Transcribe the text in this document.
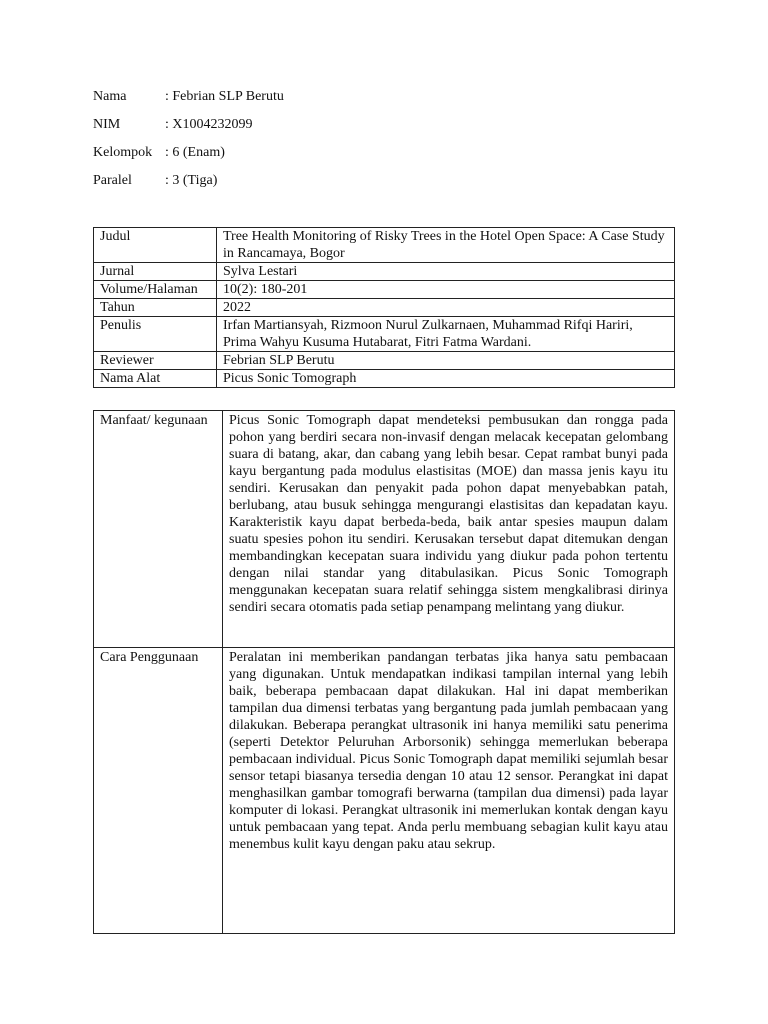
Nama	: Febrian SLP Berutu
NIM	: X1004232099
Kelompok : 6 (Enam)
Paralel	: 3 (Tiga)
Judul	Tree Health Monitoring of Risky Trees in the Hotel Open Space: A Case Study in Rancamaya, Bogor
Jurnal	Sylva Lestari
Volume/Halaman	10(2): 180-201
Tahun	2022
Penulis	Irfan Martiansyah, Rizmoon Nurul Zulkarnaen, Muhammad Rifqi Hariri, Prima Wahyu Kusuma Hutabarat, Fitri Fatma Wardani.
Reviewer	Febrian SLP Berutu
Nama Alat	Picus Sonic Tomograph
Manfaat/ kegunaan	Picus Sonic Tomograph dapat mendeteksi pembusukan dan rongga pada pohon yang berdiri secara non-invasif dengan melacak kecepatan gelombang suara di batang, akar, dan cabang yang lebih besar. Cepat rambat bunyi pada kayu bergantung pada modulus elastisitas (MOE) dan massa jenis kayu itu sendiri. Kerusakan dan penyakit pada pohon dapat menyebabkan patah, berlubang, atau busuk sehingga mengurangi elastisitas dan kepadatan kayu. Karakteristik kayu dapat berbeda-beda, baik antar spesies maupun dalam suatu spesies pohon itu sendiri. Kerusakan tersebut dapat ditemukan dengan membandingkan kecepatan suara individu yang diukur pada pohon tertentu dengan nilai standar yang ditabulasikan. Picus Sonic Tomograph menggunakan kecepatan suara relatif sehingga sistem mengkalibrasi dirinya sendiri secara otomatis pada setiap penampang melintang yang diukur.
Cara Penggunaan	Peralatan ini memberikan pandangan terbatas jika hanya satu pembacaan yang digunakan. Untuk mendapatkan indikasi tampilan internal yang lebih baik, beberapa pembacaan dapat dilakukan. Hal ini dapat memberikan tampilan dua dimensi terbatas yang bergantung pada jumlah pembacaan yang dilakukan. Beberapa perangkat ultrasonik ini hanya memiliki satu penerima (seperti Detektor Peluruhan Arborsonik) sehingga memerlukan beberapa pembacaan individual. Picus Sonic Tomograph dapat memiliki sejumlah besar sensor tetapi biasanya tersedia dengan 10 atau 12 sensor. Perangkat ini dapat menghasilkan gambar tomografi berwarna (tampilan dua dimensi) pada layar komputer di lokasi. Perangkat ultrasonik ini memerlukan kontak dengan kayu untuk pembacaan yang tepat. Anda perlu membuang sebagian kulit kayu atau menembus kulit kayu dengan paku atau sekrup.
